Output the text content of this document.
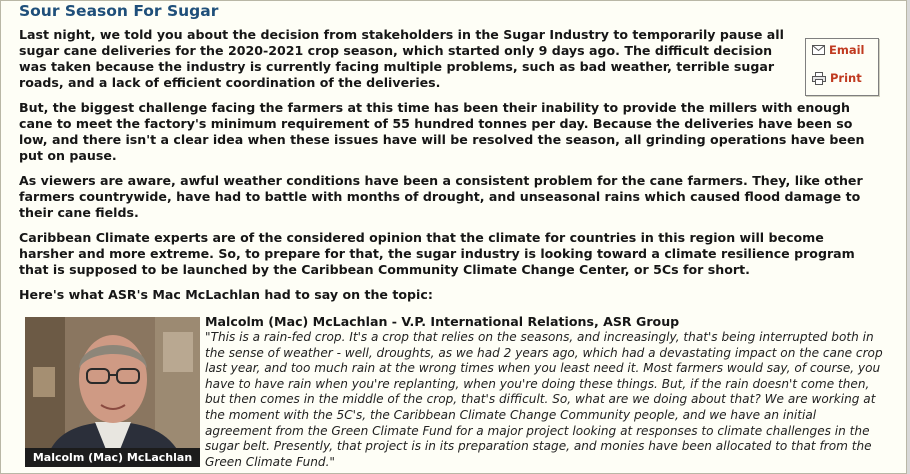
Sour Season For Sugar

Last night, we told you about the decision from stakeholders in the Sugar Industry to temporarily pause all sugar cane deliveries for the 2020-2021 crop season, which started only 9 days ago. The difficult decision was taken because the industry is currently facing multiple problems, such as bad weather, terrible sugar roads, and a lack of efficient coordination of the deliveries.

But, the biggest challenge facing the farmers at this time has been their inability to provide the millers with enough cane to meet the factory's minimum requirement of 55 hundred tonnes per day. Because the deliveries have been so low, and there isn't a clear idea when these issues have will be resolved the season, all grinding operations have been put on pause.

As viewers are aware, awful weather conditions have been a consistent problem for the cane farmers. They, like other farmers countrywide, have had to battle with months of drought, and unseasonal rains which caused flood damage to their cane fields.

Caribbean Climate experts are of the considered opinion that the climate for countries in this region will become harsher and more extreme. So, to prepare for that, the sugar industry is looking toward a climate resilience program that is supposed to be launched by the Caribbean Community Climate Change Center, or 5Cs for short.

Here's what ASR's Mac McLachlan had to say on the topic:

Email
Print
Malcolm (Mac) McLachlan
Malcolm (Mac) McLachlan - V.P. International Relations, ASR Group
"This is a rain-fed crop. It's a crop that relies on the seasons, and increasingly, that's being interrupted both in the sense of weather - well, droughts, as we had 2 years ago, which had a devastating impact on the cane crop last year, and too much rain at the wrong times when you least need it. Most farmers would say, of course, you have to have rain when you're replanting, when you're doing these things. But, if the rain doesn't come then, but then comes in the middle of the crop, that's difficult. So, what are we doing about that? We are working at the moment with the 5C's, the Caribbean Climate Change Community people, and we have an initial agreement from the Green Climate Fund for a major project looking at responses to climate challenges in the sugar belt. Presently, that project is in its preparation stage, and monies have been allocated to that from the Green Climate Fund."
